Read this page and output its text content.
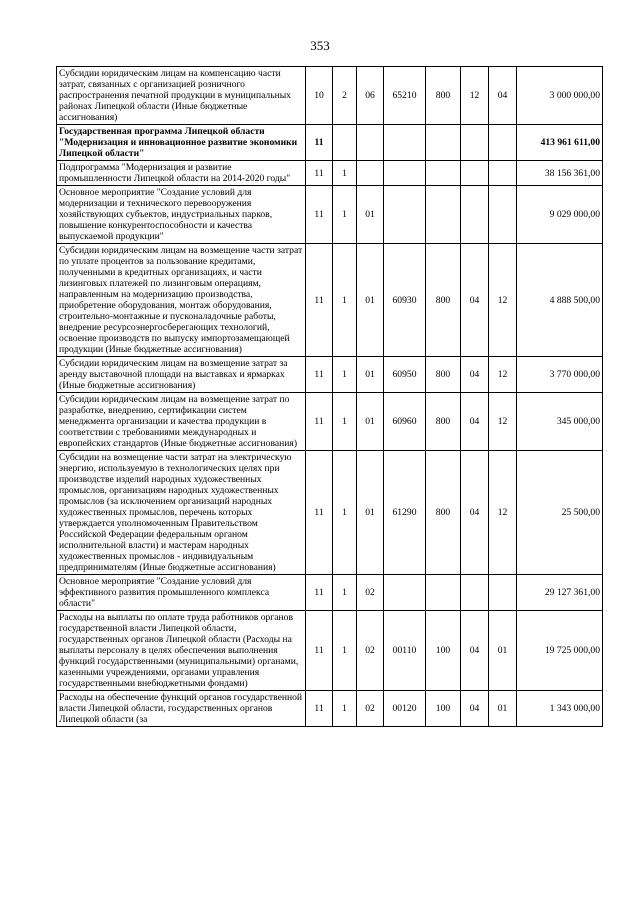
353
Субсидии юридическим лицам на компенсацию части затрат, связанных с организацией розничного распространения печатной продукции в муниципальных районах Липецкой области (Иные бюджетные ассигнования)	10	2	06	65210	800	12	04	3 000 000,00
Государственная программа Липецкой области "Модернизация и инновационное развитие экономики Липецкой области"	11							413 961 611,00
Подпрограмма "Модернизация и развитие промышленности Липецкой области на 2014-2020 годы"	11	1						38 156 361,00
Основное мероприятие "Создание условий для модернизации и технического перевооружения хозяйствующих субъектов, индустриальных парков, повышение конкурентоспособности и качества выпускаемой продукции"	11	1	01					9 029 000,00
Субсидии юридическим лицам на возмещение части затрат по уплате процентов за пользование кредитами, полученными в кредитных организациях, и части лизинговых платежей по лизинговым операциям, направленным на модернизацию производства, приобретение оборудования, монтаж оборудования, строительно-монтажные и пусконаладочные работы, внедрение ресурсоэнергосберегающих технологий, освоение производств по выпуску импортозамещающей продукции (Иные бюджетные ассигнования)	11	1	01	60930	800	04	12	4 888 500,00
Субсидии юридическим лицам на возмещение затрат за аренду выставочной площади на выставках и ярмарках (Иные бюджетные ассигнования)	11	1	01	60950	800	04	12	3 770 000,00
Субсидии юридическим лицам на возмещение затрат по разработке, внедрению, сертификации систем менеджмента организации и качества продукции в соответствии с требованиями международных и европейских стандартов (Иные бюджетные ассигнования)	11	1	01	60960	800	04	12	345 000,00
Субсидии на возмещение части затрат на электрическую энергию, используемую в технологических целях при производстве изделий народных художественных промыслов, организациям народных художественных промыслов (за исключением организаций народных художественных промыслов, перечень которых утверждается уполномоченным Правительством Российской Федерации федеральным органом исполнительной власти) и мастерам народных художественных промыслов - индивидуальным предпринимателям (Иные бюджетные ассигнования)	11	1	01	61290	800	04	12	25 500,00
Основное мероприятие "Создание условий для эффективного развития промышленного комплекса области"	11	1	02					29 127 361,00
Расходы на выплаты по оплате труда работников органов государственной власти Липецкой области, государственных органов Липецкой области (Расходы на выплаты персоналу в целях обеспечения выполнения функций государственными (муниципальными) органами, казенными учреждениями, органами управления государственными внебюджетными фондами)	11	1	02	00110	100	04	01	19 725 000,00
Расходы на обеспечение функций органов государственной власти Липецкой области, государственных органов Липецкой области (за	11	1	02	00120	100	04	01	1 343 000,00
